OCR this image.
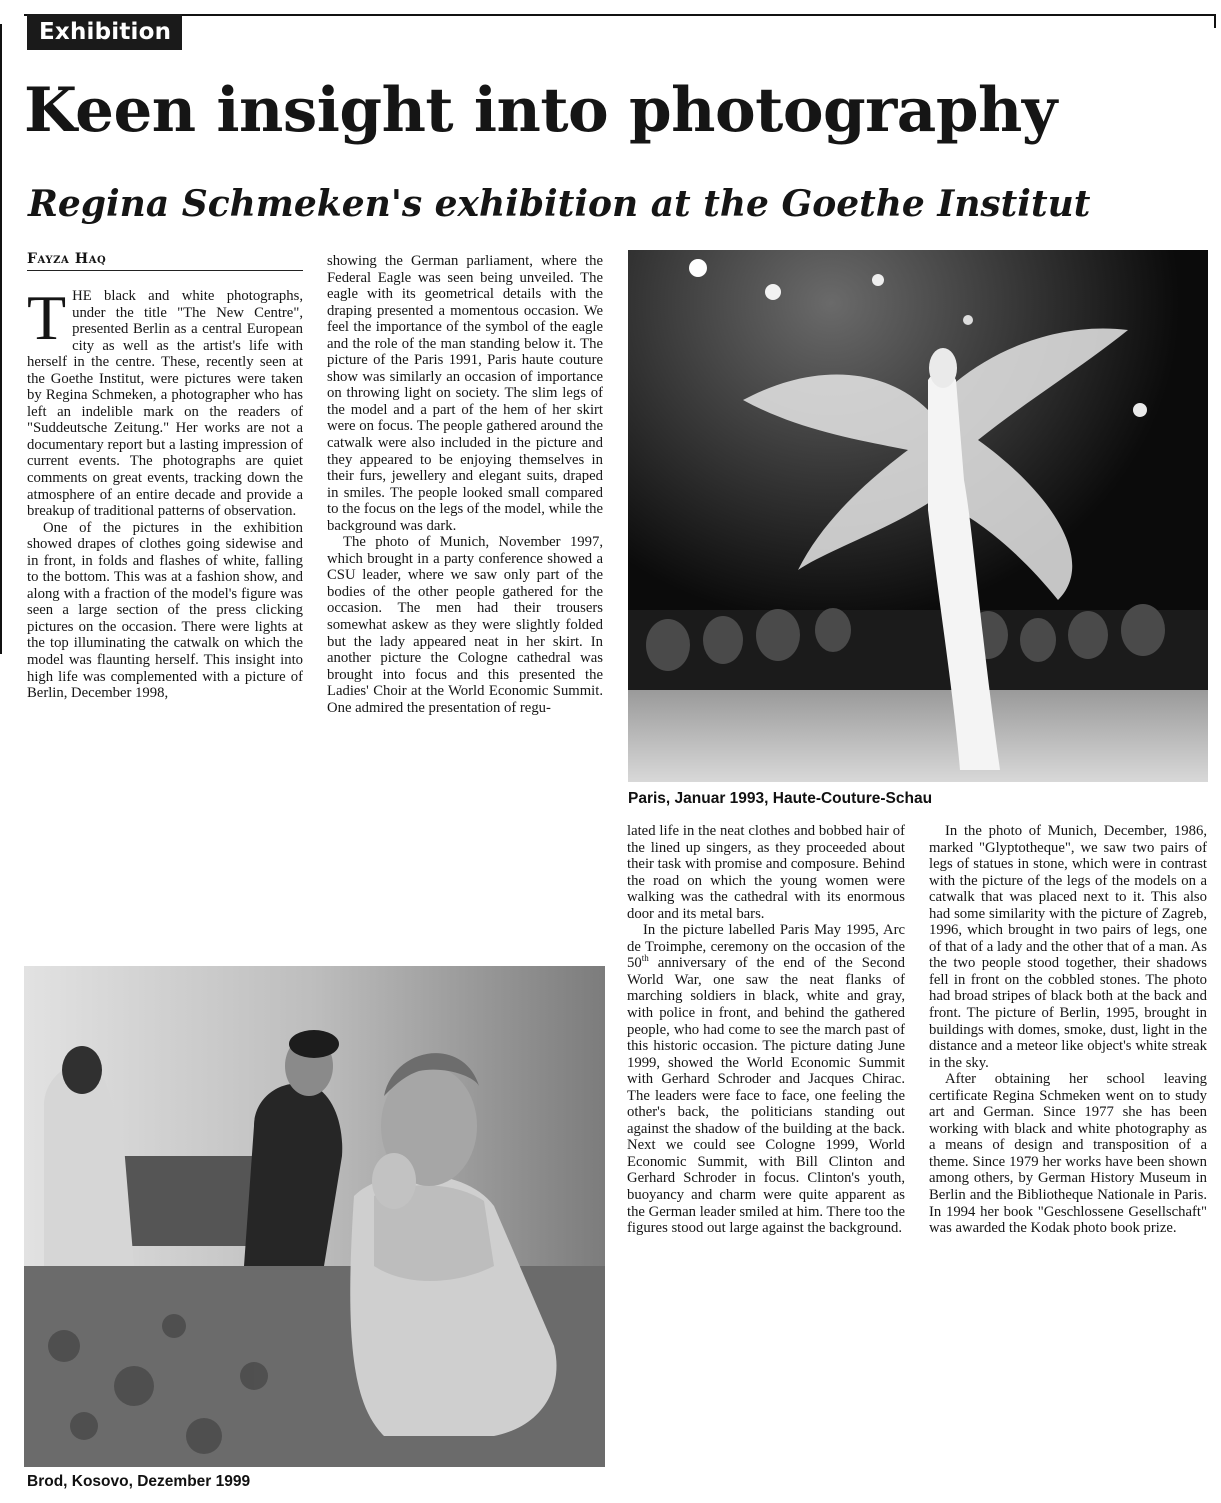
Exhibition
Keen insight into photography
Regina Schmeken's exhibition at the Goethe Institut
Fayza Haq

THE black and white photographs, under the title "The New Centre", presented Berlin as a central European city as well as the artist's life with herself in the centre. These, recently seen at the Goethe Institut, were pictures were taken by Regina Schmeken, a photographer who has left an indelible mark on the readers of "Suddeutsche Zeitung." Her works are not a documentary report but a lasting impression of current events. The photographs are quiet comments on great events, tracking down the atmosphere of an entire decade and provide a breakup of traditional patterns of observation.

One of the pictures in the exhibition showed drapes of clothes going sidewise and in front, in folds and flashes of white, falling to the bottom. This was at a fashion show, and along with a fraction of the model's figure was seen a large section of the press clicking pictures on the occasion. There were lights at the top illuminating the catwalk on which the model was flaunting herself. This insight into high life was complemented with a picture of Berlin, December 1998,

showing the German parliament, where the Federal Eagle was seen being unveiled. The eagle with its geometrical details with the draping presented a momentous occasion. We feel the importance of the symbol of the eagle and the role of the man standing below it. The picture of the Paris 1991, Paris haute couture show was similarly an occasion of importance on throwing light on society. The slim legs of the model and a part of the hem of her skirt were on focus. The people gathered around the catwalk were also included in the picture and they appeared to be enjoying themselves in their furs, jewellery and elegant suits, draped in smiles. The people looked small compared to the focus on the legs of the model, while the background was dark.

The photo of Munich, November 1997, which brought in a party conference showed a CSU leader, where we saw only part of the bodies of the other people gathered for the occasion. The men had their trousers somewhat askew as they were slightly folded but the lady appeared neat in her skirt. In another picture the Cologne cathedral was brought into focus and this presented the Ladies' Choir at the World Economic Summit. One admired the presentation of regu-

Paris, Januar 1993, Haute-Couture-Schau

lated life in the neat clothes and bobbed hair of the lined up singers, as they proceeded about their task with promise and composure. Behind the road on which the young women were walking was the cathedral with its enormous door and its metal bars.

In the picture labelled Paris May 1995, Arc de Troimphe, ceremony on the occasion of the 50th anniversary of the end of the Second World War, one saw the neat flanks of marching soldiers in black, white and gray, with police in front, and behind the gathered people, who had come to see the march past of this historic occasion. The picture dating June 1999, showed the World Economic Summit with Gerhard Schroder and Jacques Chirac. The leaders were face to face, one feeling the other's back, the politicians standing out against the shadow of the building at the back. Next we could see Cologne 1999, World Economic Summit, with Bill Clinton and Gerhard Schroder in focus. Clinton's youth, buoyancy and charm were quite apparent as the German leader smiled at him. There too the figures stood out large against the background.

In the photo of Munich, December, 1986, marked "Glyptotheque", we saw two pairs of legs of statues in stone, which were in contrast with the picture of the legs of the models on a catwalk that was placed next to it. This also had some similarity with the picture of Zagreb, 1996, which brought in two pairs of legs, one of that of a lady and the other that of a man. As the two people stood together, their shadows fell in front on the cobbled stones. The photo had broad stripes of black both at the back and front. The picture of Berlin, 1995, brought in buildings with domes, smoke, dust, light in the distance and a meteor like object's white streak in the sky.

After obtaining her school leaving certificate Regina Schmeken went on to study art and German. Since 1977 she has been working with black and white photography as a means of design and transposition of a theme. Since 1979 her works have been shown among others, by German History Museum in Berlin and the Bibliotheque Nationale in Paris. In 1994 her book "Geschlossene Gesellschaft" was awarded the Kodak photo book prize.

Brod, Kosovo, Dezember 1999
